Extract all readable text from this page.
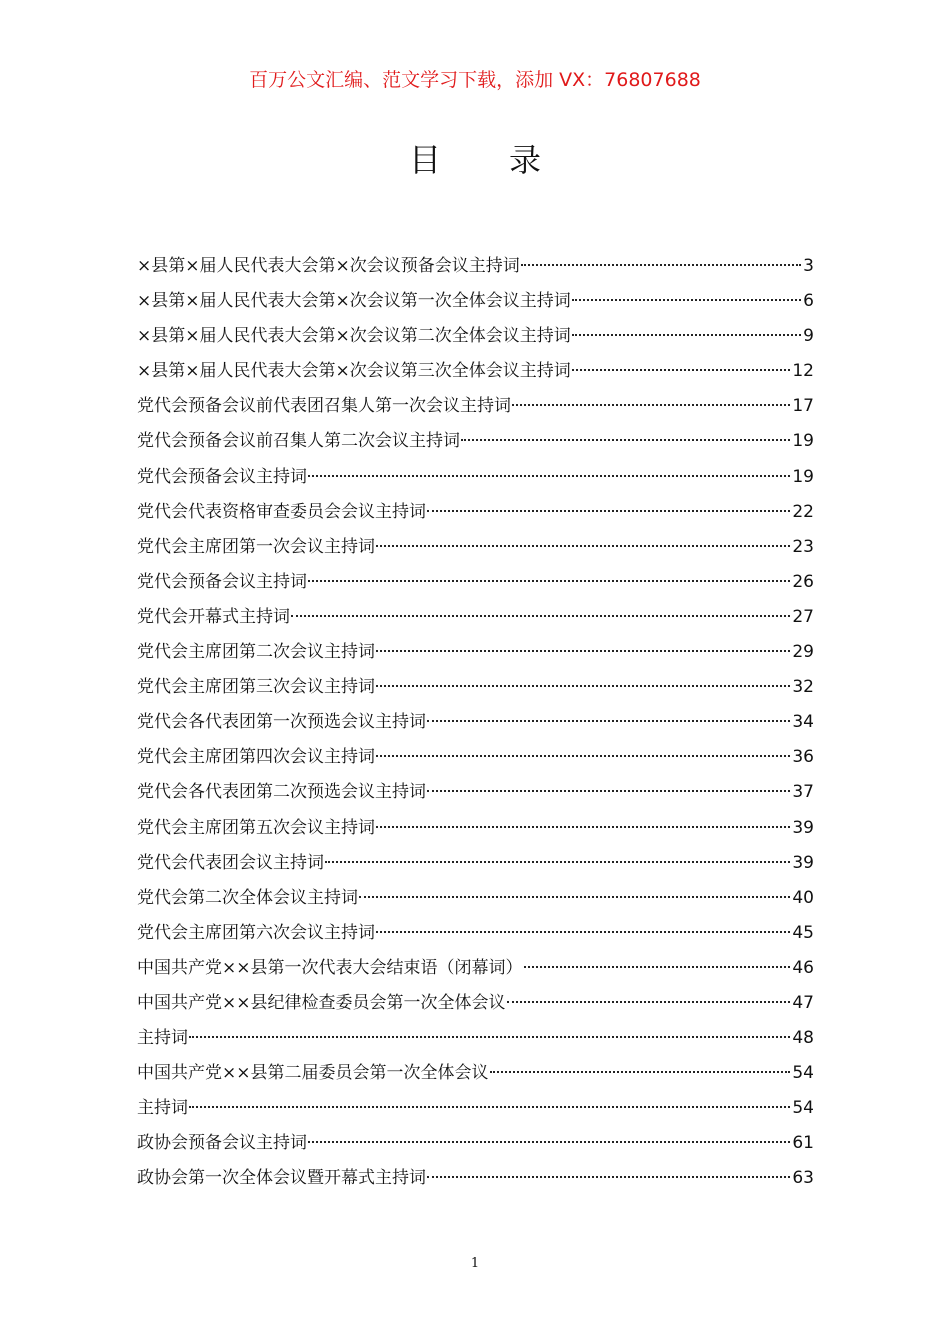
百万公文汇编、范文学习下载，添加 VX：76807688
目 录
×县第×届人民代表大会第×次会议预备会议主持词	3
×县第×届人民代表大会第×次会议第一次全体会议主持词	6
×县第×届人民代表大会第×次会议第二次全体会议主持词	9
×县第×届人民代表大会第×次会议第三次全体会议主持词	12
党代会预备会议前代表团召集人第一次会议主持词	17
党代会预备会议前召集人第二次会议主持词	19
党代会预备会议主持词	19
党代会代表资格审查委员会会议主持词	22
党代会主席团第一次会议主持词	23
党代会预备会议主持词	26
党代会开幕式主持词	27
党代会主席团第二次会议主持词	29
党代会主席团第三次会议主持词	32
党代会各代表团第一次预选会议主持词	34
党代会主席团第四次会议主持词	36
党代会各代表团第二次预选会议主持词	37
党代会主席团第五次会议主持词	39
党代会代表团会议主持词	39
党代会第二次全体会议主持词	40
党代会主席团第六次会议主持词	45
中国共产党××县第一次代表大会结束语（闭幕词）	46
中国共产党××县纪律检查委员会第一次全体会议	47
主持词	48
中国共产党××县第二届委员会第一次全体会议	54
主持词	54
政协会预备会议主持词	61
政协会第一次全体会议暨开幕式主持词	63
1
